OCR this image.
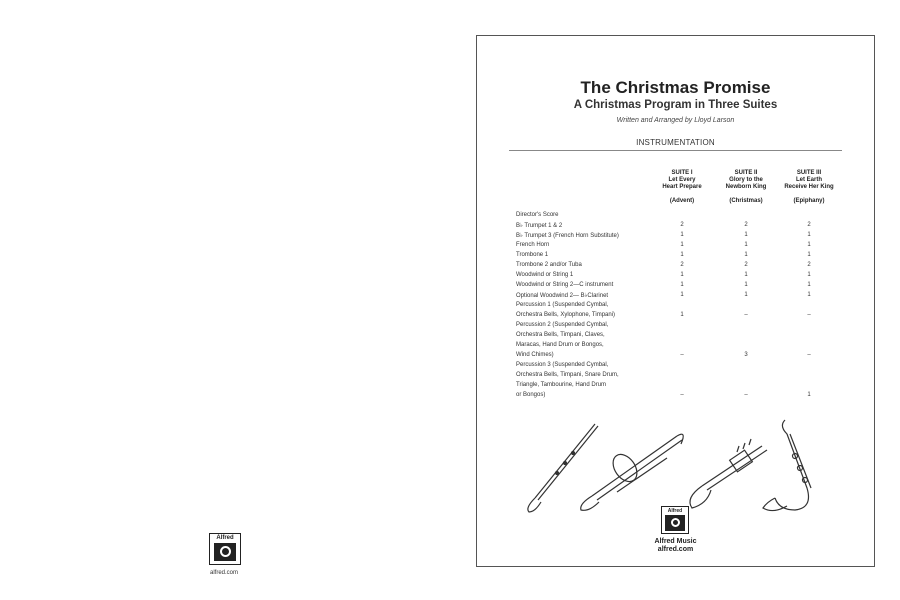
Alfred
alfred.com
The Christmas Promise
A Christmas Program in Three Suites
Written and Arranged by Lloyd Larson
INSTRUMENTATION
SUITE I
Let Every
Heart Prepare
(Advent)
SUITE II
Glory to the
Newborn King
(Christmas)
SUITE III
Let Earth
Receive Her King
(Epiphany)
Director's Score
B♭ Trumpet 1 & 2	2	2	2
B♭ Trumpet 3 (French Horn Substitute)	1	1	1
French Horn	1	1	1
Trombone 1	1	1	1
Trombone 2 and/or Tuba	2	2	2
Woodwind or String 1	1	1	1
Woodwind or String 2—C instrument	1	1	1
Optional Woodwind 2— B♭Clarinet	1	1	1
Percussion 1 (Suspended Cymbal,
Orchestra Bells, Xylophone, Timpani)	1	–	–
Percussion 2 (Suspended Cymbal,
Orchestra Bells, Timpani, Claves,
Maracas, Hand Drum or Bongos,
Wind Chimes)	–	3	–
Percussion 3 (Suspended Cymbal,
Orchestra Bells, Timpani, Snare Drum,
Triangle, Tambourine, Hand Drum
or Bongos)	–	–	1
Alfred
Alfred Music
alfred.com
